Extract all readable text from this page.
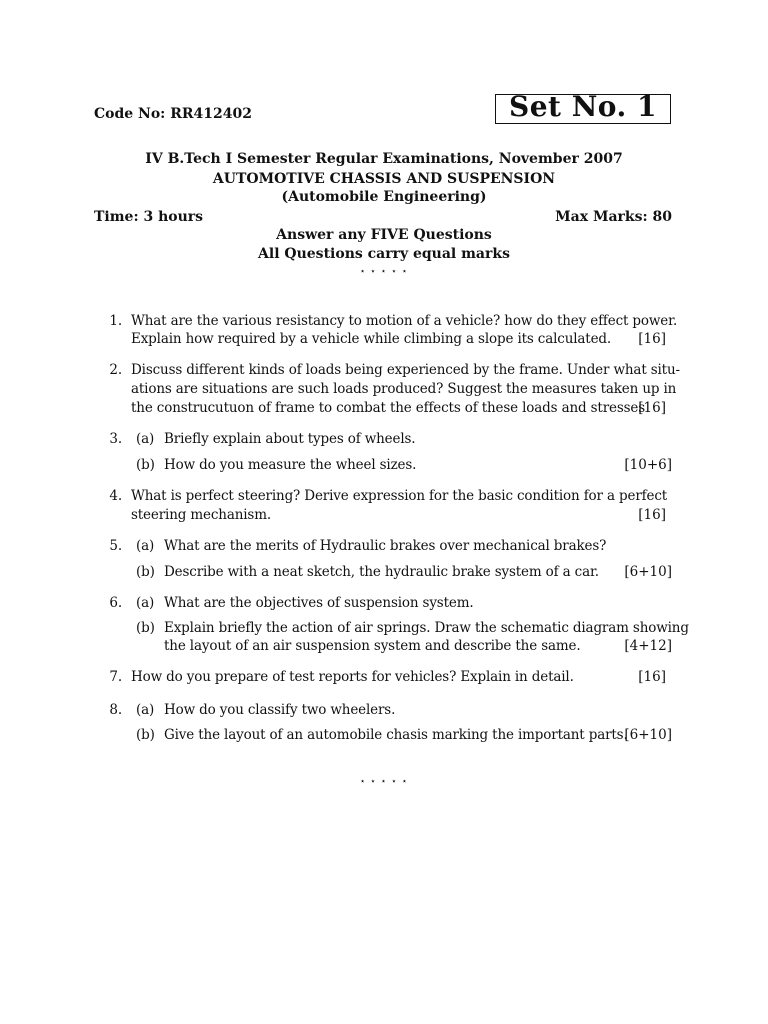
Code No: RR412402	Set No. 1
IV B.Tech I Semester Regular Examinations, November 2007
AUTOMOTIVE CHASSIS AND SUSPENSION
(Automobile Engineering)
Time: 3 hours	Max Marks: 80
Answer any FIVE Questions
All Questions carry equal marks
⋆ ⋆ ⋆ ⋆ ⋆
1. What are the various resistancy to motion of a vehicle? how do they effect power.
Explain how required by a vehicle while climbing a slope its calculated. [16]
2. Discuss different kinds of loads being experienced by the frame. Under what situ-
ations are situations are such loads produced? Suggest the measures taken up in
the construcutuon of frame to combat the effects of these loads and stresses
[16]
3. (a) Briefly explain about types of wheels.
(b) How do you measure the wheel sizes.	[10+6]
4. What is perfect steering? Derive expression for the basic condition for a perfect
steering mechanism.	[16]
5. (a) What are the merits of Hydraulic brakes over mechanical brakes?
(b) Describe with a neat sketch, the hydraulic brake system of a car. [6+10]
6. (a) What are the objectives of suspension system.
(b) Explain briefly the action of air springs. Draw the schematic diagram showing
the layout of an air suspension system and describe the same.	[4+12]
7. How do you prepare of test reports for vehicles? Explain in detail.	[16]
8. (a) How do you classify two wheelers.
(b) Give the layout of an automobile chasis marking the important parts.
[6+10]
⋆ ⋆ ⋆ ⋆ ⋆
